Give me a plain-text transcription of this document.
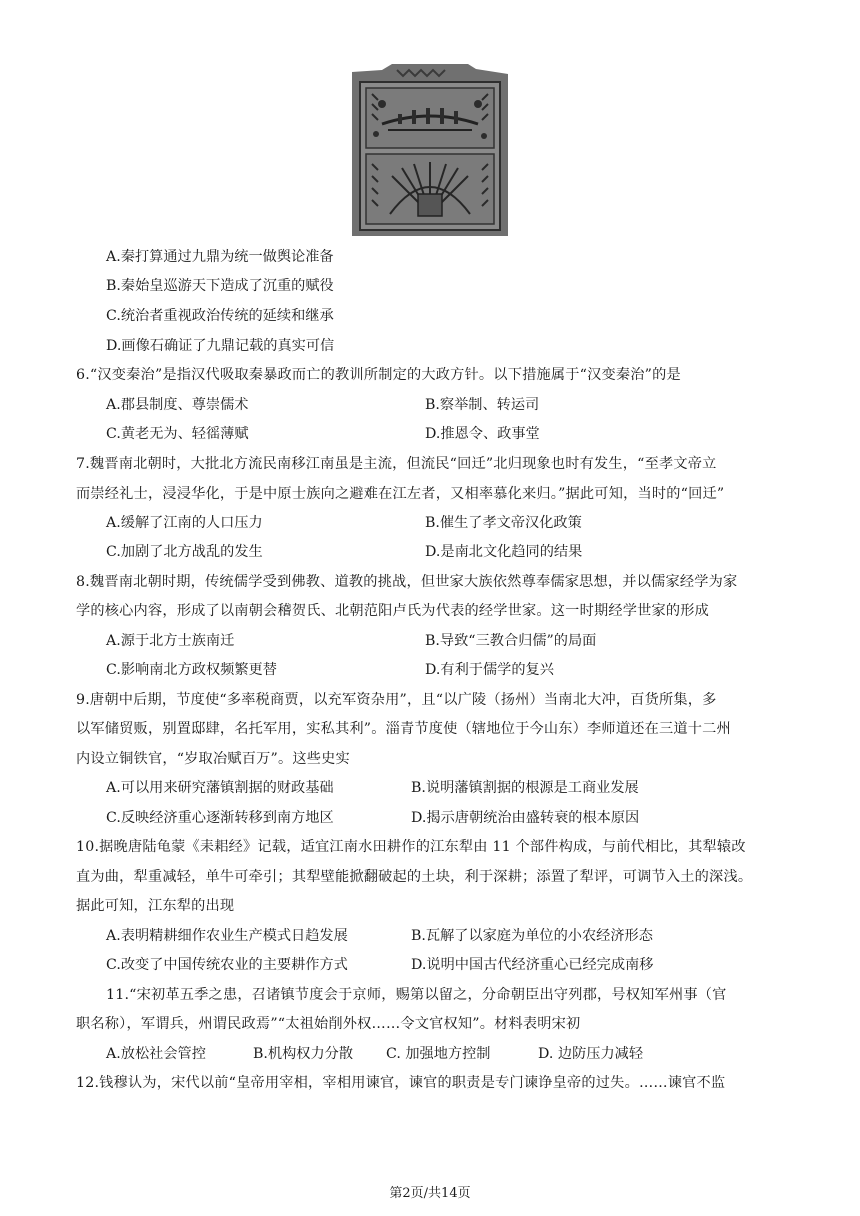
A.秦打算通过九鼎为统一做舆论准备
B.秦始皇巡游天下造成了沉重的赋役
C.统治者重视政治传统的延续和继承
D.画像石确证了九鼎记载的真实可信
6.“汉变秦治”是指汉代吸取秦暴政而亡的教训所制定的大政方针。以下措施属于“汉变秦治”的是
A.郡县制度、尊崇儒术	B.察举制、转运司
C.黄老无为、轻徭薄赋	D.推恩令、政事堂
7.魏晋南北朝时，大批北方流民南移江南虽是主流，但流民“回迁”北归现象也时有发生，“至孝文帝立
而崇经礼士，浸浸华化，于是中原士族向之避难在江左者，又相率慕化来归。”据此可知，当时的“回迁”
A.缓解了江南的人口压力	B.催生了孝文帝汉化政策
C.加剧了北方战乱的发生	D.是南北文化趋同的结果
8.魏晋南北朝时期，传统儒学受到佛教、道教的挑战，但世家大族依然尊奉儒家思想，并以儒家经学为家
学的核心内容，形成了以南朝会稽贺氏、北朝范阳卢氏为代表的经学世家。这一时期经学世家的形成
A.源于北方士族南迁	B.导致“三教合归儒”的局面
C.影响南北方政权频繁更替	D.有利于儒学的复兴
9.唐朝中后期，节度使“多率税商贾，以充军资杂用”，且“以广陵（扬州）当南北大冲，百货所集，多
以军储贸贩，别置邸肆，名托军用，实私其利”。淄青节度使（辖地位于今山东）李师道还在三道十二州
内设立铜铁官，“岁取冶赋百万”。这些史实
A.可以用来研究藩镇割据的财政基础	B.说明藩镇割据的根源是工商业发展
C.反映经济重心逐渐转移到南方地区	D.揭示唐朝统治由盛转衰的根本原因
10.据晚唐陆龟蒙《耒耜经》记载，适宜江南水田耕作的江东犁由 11 个部件构成，与前代相比，其犁辕改
直为曲，犁重减轻，单牛可牵引；其犁壁能掀翻破起的土块，利于深耕；添置了犁评，可调节入土的深浅。
据此可知，江东犁的出现
A.表明精耕细作农业生产模式日趋发展	B.瓦解了以家庭为单位的小农经济形态
C.改变了中国传统农业的主要耕作方式	D.说明中国古代经济重心已经完成南移
11.“宋初革五季之患，召诸镇节度会于京师，赐第以留之，分命朝臣出守列郡，号权知军州事（官
职名称），军谓兵，州谓民政焉”“太祖始削外权……令文官权知”。材料表明宋初
A.放松社会管控	B.机构权力分散 C. 加强地方控制	D. 边防压力减轻
12.钱穆认为，宋代以前“皇帝用宰相，宰相用谏官，谏官的职责是专门谏诤皇帝的过失。……谏官不监
第2页/共14页
